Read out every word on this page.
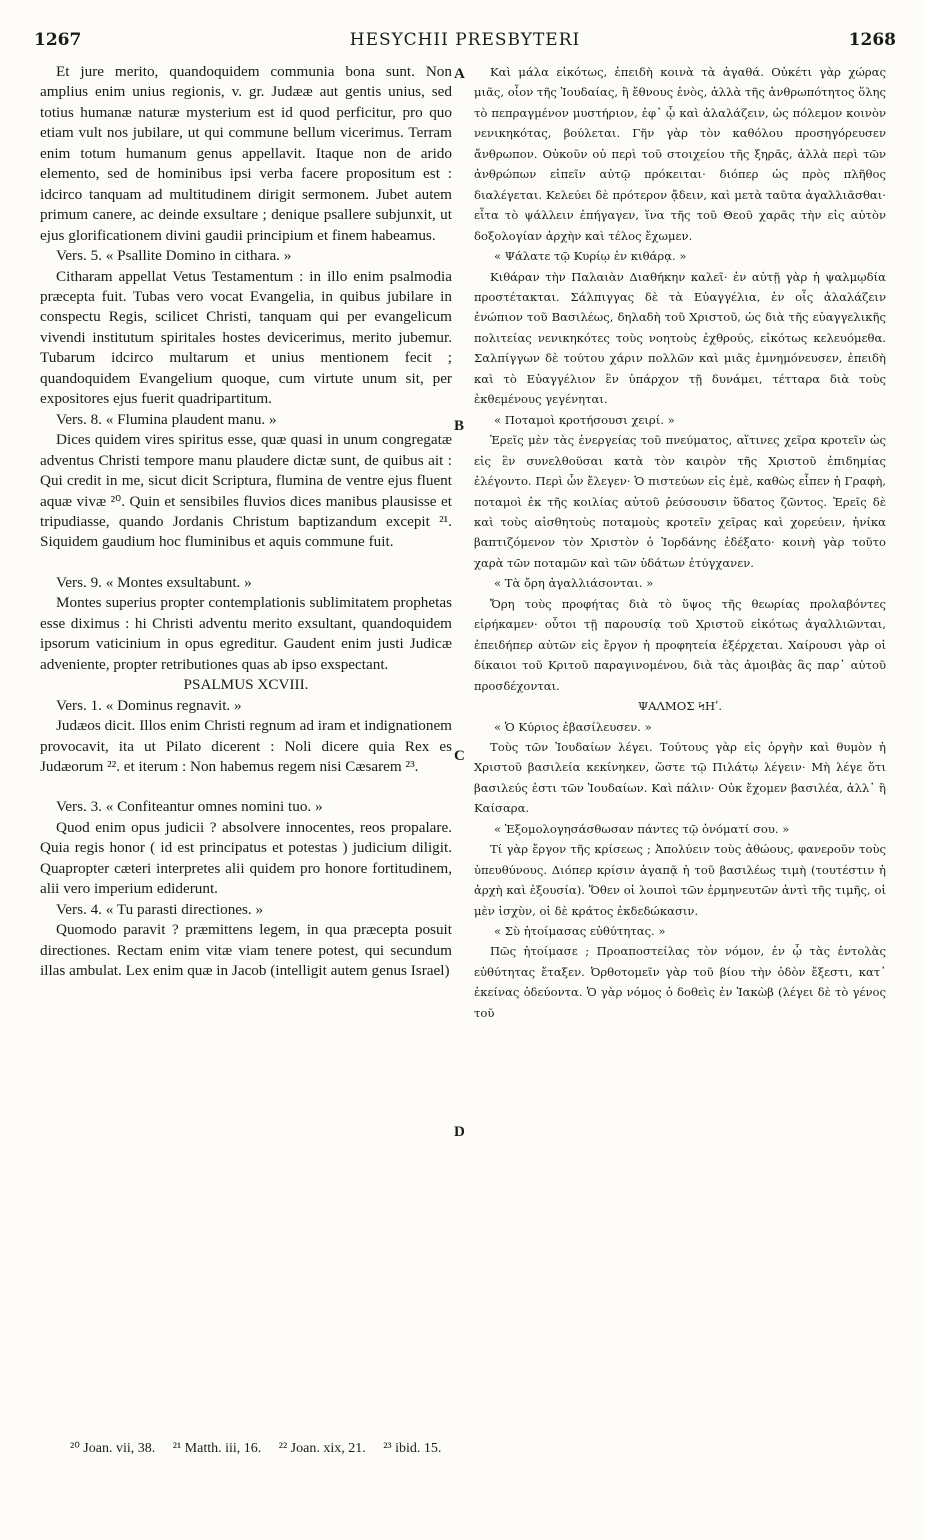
1267	HESYCHII PRESBYTERI	1268

Et jure merito, quandoquidem communia bona sunt. Non amplius enim unius regionis, v. gr. Judææ aut gentis unius, sed totius humanæ naturæ mysterium est id quod perficitur, pro quo etiam vult nos jubilare, ut qui commune bellum vicerimus. Terram enim totum humanum genus appellavit. Itaque non de arido elemento, sed de hominibus ipsi verba facere propositum est : idcirco tanquam ad multitudinem dirigit sermonem. Jubet autem primum canere, ac deinde exsultare ; denique psallere subjunxit, ut ejus glorificationem divini gaudii principium et finem habeamus.

Vers. 5. « Psallite Domino in cithara. »

Citharam appellat Vetus Testamentum : in illo enim psalmodia præcepta fuit. Tubas vero vocat Evangelia, in quibus jubilare in conspectu Regis, scilicet Christi, tanquam qui per evangelicum vivendi institutum spiritales hostes devicerimus, merito jubemur. Tubarum idcirco multarum et unius mentionem fecit ; quandoquidem Evangelium quoque, cum virtute unum sit, per expositores ejus fuerit quadripartitum.

Vers. 8. « Flumina plaudent manu. »

Dices quidem vires spiritus esse, quæ quasi in unum congregatæ adventus Christi tempore manu plaudere dictæ sunt, de quibus ait : Qui credit in me, sicut dicit Scriptura, flumina de ventre ejus fluent aquæ vivæ ²⁰. Quin et sensibiles fluvios dices manibus plausisse et tripudiasse, quando Jordanis Christum baptizandum excepit ²¹. Siquidem gaudium hoc fluminibus et aquis commune fuit.

Vers. 9. « Montes exsultabunt. »

Montes superius propter contemplationis sublimitatem prophetas esse diximus : hi Christi adventu merito exsultant, quandoquidem ipsorum vaticinium in opus egreditur. Gaudent enim justi Judicæ adveniente, propter retributiones quas ab ipso exspectant.

PSALMUS XCVIII.

Vers. 1. « Dominus regnavit. »

Judæos dicit. Illos enim Christi regnum ad iram et indignationem provocavit, ita ut Pilato dicerent : Noli dicere quia Rex es Judæorum ²². et iterum : Non habemus regem nisi Cæsarem ²³.

Vers. 3. « Confiteantur omnes nomini tuo. »

Quod enim opus judicii ? absolvere innocentes, reos propalare. Quia regis honor ( id est principatus et potestas ) judicium diligit. Quapropter cæteri interpretes alii quidem pro honore fortitudinem, alii vero imperium ediderunt.

Vers. 4. « Tu parasti directiones. »

Quomodo paravit ? præmittens legem, in qua præcepta posuit directiones. Rectam enim vitæ viam tenere potest, qui secundum illas ambulat. Lex enim quæ in Jacob (intelligit autem genus Israel)

A
B
C
D

Καὶ μάλα εἰκότως, ἐπειδὴ κοινὰ τὰ ἀγαθά. Οὐκέτι γὰρ χώρας μιᾶς, οἷον τῆς Ἰουδαίας, ἢ ἔθνους ἑνὸς, ἀλλὰ τῆς ἀνθρωπότητος ὅλης τὸ πεπραγμένον μυστήριον, ἐφ᾽ ᾧ καὶ ἀλαλάζειν, ὡς πόλεμον κοινὸν νενικηκότας, βούλεται. Γῆν γὰρ τὸν καθόλου προσηγόρευσεν ἄνθρωπον. Οὐκοῦν οὐ περὶ τοῦ στοιχείου τῆς ξηρᾶς, ἀλλὰ περὶ τῶν ἀνθρώπων εἰπεῖν αὐτῷ πρόκειται· διόπερ ὡς πρὸς πλῆθος διαλέγεται. Κελεύει δὲ πρότερον ᾄδειν, καὶ μετὰ ταῦτα ἀγαλλιᾶσθαι· εἶτα τὸ ψάλλειν ἐπήγαγεν, ἵνα τῆς τοῦ Θεοῦ χαρᾶς τὴν εἰς αὐτὸν δοξολογίαν ἀρχὴν καὶ τέλος ἔχωμεν.

« Ψάλατε τῷ Κυρίῳ ἐν κιθάρᾳ. »

Κιθάραν τὴν Παλαιὰν Διαθήκην καλεῖ· ἐν αὐτῇ γὰρ ἡ ψαλμῳδία προστέτακται. Σάλπιγγας δὲ τὰ Εὐαγγέλια, ἐν οἷς ἀλαλάζειν ἐνώπιον τοῦ Βασιλέως, δηλαδὴ τοῦ Χριστοῦ, ὡς διὰ τῆς εὐαγγελικῆς πολιτείας νενικηκότες τοὺς νοητοὺς ἐχθρούς, εἰκότως κελευόμεθα. Σαλπίγγων δὲ τούτου χάριν πολλῶν καὶ μιᾶς ἐμνημόνευσεν, ἐπειδὴ καὶ τὸ Εὐαγγέλιον ἓν ὑπάρχον τῇ δυνάμει, τέτταρα διὰ τοὺς ἐκθεμένους γεγένηται.

« Ποταμοὶ κροτήσουσι χειρί. »

Ἐρεῖς μὲν τὰς ἐνεργείας τοῦ πνεύματος, αἵτινες χεῖρα κροτεῖν ὡς εἰς ἓν συνελθοῦσαι κατὰ τὸν καιρὸν τῆς Χριστοῦ ἐπιδημίας ἐλέγοντο. Περὶ ὧν ἔλεγεν· Ὁ πιστεύων εἰς ἐμὲ, καθὼς εἶπεν ἡ Γραφὴ, ποταμοὶ ἐκ τῆς κοιλίας αὐτοῦ ῥεύσουσιν ὕδατος ζῶντος. Ἐρεῖς δὲ καὶ τοὺς αἰσθητοὺς ποταμοὺς κροτεῖν χεῖρας καὶ χορεύειν, ἡνίκα βαπτιζόμενον τὸν Χριστὸν ὁ Ἰορδάνης ἐδέξατο· κοινὴ γὰρ τοῦτο χαρὰ τῶν ποταμῶν καὶ τῶν ὑδάτων ἐτύγχανεν.

« Τὰ ὄρη ἀγαλλιάσονται. »

Ὄρη τοὺς προφήτας διὰ τὸ ὕψος τῆς θεωρίας προλαβόντες εἰρήκαμεν· οὗτοι τῇ παρουσίᾳ τοῦ Χριστοῦ εἰκότως ἀγαλλιῶνται, ἐπειδήπερ αὐτῶν εἰς ἔργον ἡ προφητεία ἐξέρχεται. Χαίρουσι γὰρ οἱ δίκαιοι τοῦ Κριτοῦ παραγινομένου, διὰ τὰς ἀμοιβὰς ἃς παρ᾽ αὐτοῦ προσδέχονται.

ΨΑΛΜΟΣ ϞΗʹ.

« Ὁ Κύριος ἐβασίλευσεν. »

Τοὺς τῶν Ἰουδαίων λέγει. Τούτους γὰρ εἰς ὀργὴν καὶ θυμὸν ἡ Χριστοῦ βασιλεία κεκίνηκεν, ὥστε τῷ Πιλάτῳ λέγειν· Μὴ λέγε ὅτι βασιλεύς ἐστι τῶν Ἰουδαίων. Καὶ πάλιν· Οὐκ ἔχομεν βασιλέα, ἀλλ᾽ ἢ Καίσαρα.

« Ἐξομολογησάσθωσαν πάντες τῷ ὀνόματί σου. »

Τί γὰρ ἔργον τῆς κρίσεως ; Ἀπολύειν τοὺς ἀθώους, φανεροῦν τοὺς ὑπευθύνους. Διόπερ κρίσιν ἀγαπᾷ ἡ τοῦ βασιλέως τιμὴ (τουτέστιν ἡ ἀρχὴ καὶ ἐξουσία). Ὅθεν οἱ λοιποὶ τῶν ἑρμηνευτῶν ἀντὶ τῆς τιμῆς, οἱ μὲν ἰσχὺν, οἱ δὲ κράτος ἐκδεδώκασιν.

« Σὺ ἡτοίμασας εὐθύτητας. »

Πῶς ἡτοίμασε ; Προαποστείλας τὸν νόμον, ἐν ᾧ τὰς ἐντολὰς εὐθύτητας ἔταξεν. Ὀρθοτομεῖν γὰρ τοῦ βίου τὴν ὁδὸν ἔξεστι, κατ᾽ ἐκείνας ὁδεύοντα. Ὁ γὰρ νόμος ὁ δοθεὶς ἐν Ἰακὼβ (λέγει δὲ τὸ γένος τοῦ

²⁰ Joan. vii, 38. ²¹ Matth. iii, 16. ²² Joan. xix, 21. ²³ ibid. 15.
